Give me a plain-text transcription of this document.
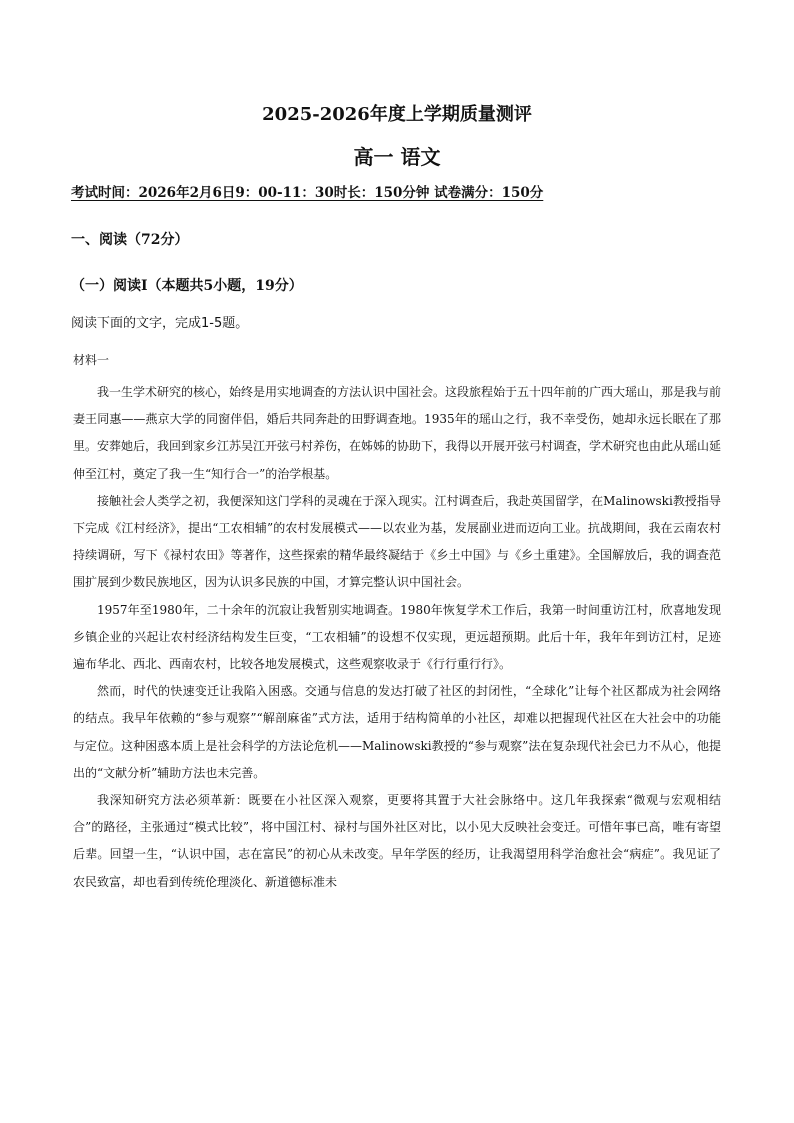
2025-2026年度上学期质量测评
高一 语文
考试时间：2026年2月6日9：00-11：30时长：150分钟 试卷满分：150分
一、阅读（72分）
（一）阅读Ⅰ（本题共5小题，19分）
阅读下面的文字，完成1-5题。
材料一

我一生学术研究的核心，始终是用实地调查的方法认识中国社会。这段旅程始于五十四年前的广西大瑶山，那是我与前妻王同惠——燕京大学的同窗伴侣，婚后共同奔赴的田野调查地。1935年的瑶山之行，我不幸受伤，她却永远长眠在了那里。安葬她后，我回到家乡江苏吴江开弦弓村养伤，在姊姊的协助下，我得以开展开弦弓村调查，学术研究也由此从瑶山延伸至江村，奠定了我一生“知行合一”的治学根基。

接触社会人类学之初，我便深知这门学科的灵魂在于深入现实。江村调查后，我赴英国留学，在Malinowski教授指导下完成《江村经济》，提出“工农相辅”的农村发展模式——以农业为基，发展副业进而迈向工业。抗战期间，我在云南农村持续调研，写下《禄村农田》等著作，这些探索的精华最终凝结于《乡土中国》与《乡土重建》。全国解放后，我的调查范围扩展到少数民族地区，因为认识多民族的中国，才算完整认识中国社会。

1957年至1980年，二十余年的沉寂让我暂别实地调查。1980年恢复学术工作后，我第一时间重访江村，欣喜地发现乡镇企业的兴起让农村经济结构发生巨变，“工农相辅”的设想不仅实现，更远超预期。此后十年，我年年到访江村，足迹遍布华北、西北、西南农村，比较各地发展模式，这些观察收录于《行行重行行》。

然而，时代的快速变迁让我陷入困惑。交通与信息的发达打破了社区的封闭性，“全球化”让每个社区都成为社会网络的结点。我早年依赖的“参与观察”“解剖麻雀”式方法，适用于结构简单的小社区，却难以把握现代社区在大社会中的功能与定位。这种困惑本质上是社会科学的方法论危机——Malinowski教授的“参与观察”法在复杂现代社会已力不从心，他提出的“文献分析”辅助方法也未完善。

我深知研究方法必须革新：既要在小社区深入观察，更要将其置于大社会脉络中。这几年我探索“微观与宏观相结合”的路径，主张通过“模式比较”，将中国江村、禄村与国外社区对比，以小见大反映社会变迁。可惜年事已高，唯有寄望后辈。回望一生，“认识中国，志在富民”的初心从未改变。早年学医的经历，让我渴望用科学治愈社会“病症”。我见证了农民致富，却也看到传统伦理淡化、新道德标准未
